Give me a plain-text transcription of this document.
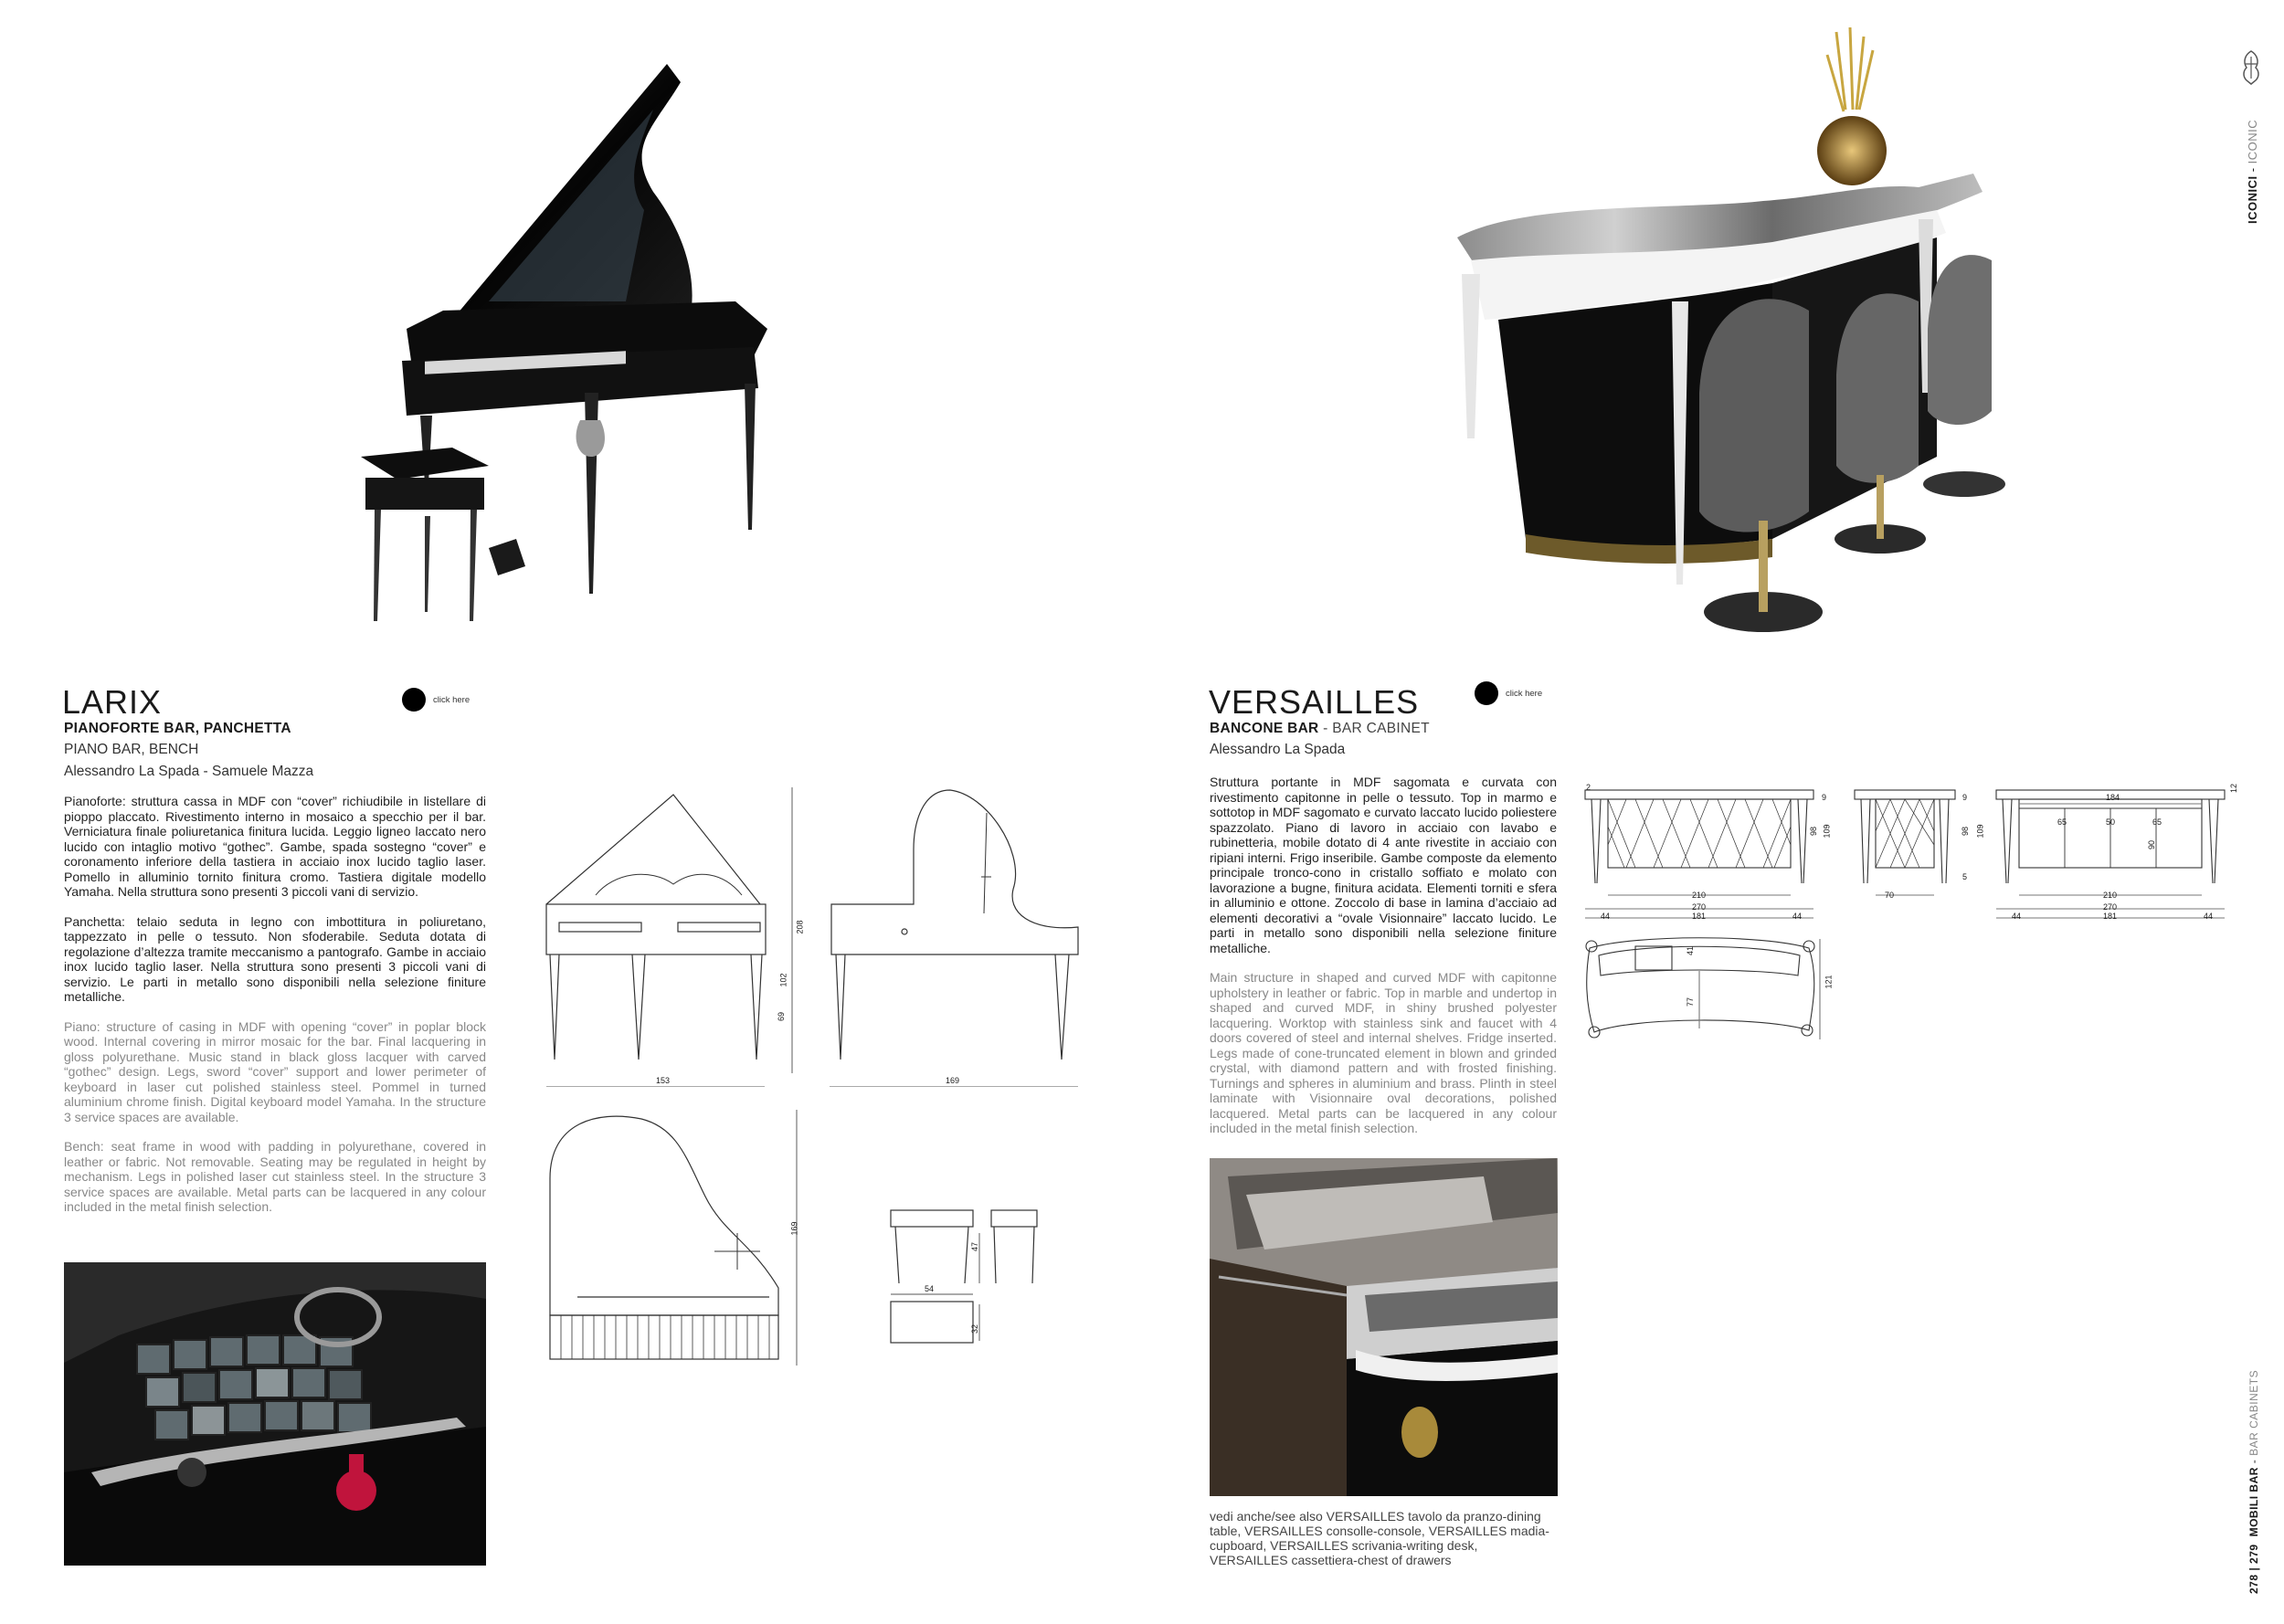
ICONICI - ICONIC
278 | 279MOBILI BAR - BAR CABINETS
LARIX	click here
PIANOFORTE BAR, PANCHETTA
PIANO BAR, BENCH
Alessandro La Spada - Samuele Mazza

Pianoforte: struttura cassa in MDF con “cover” richiudibile in listellare di pioppo placcato. Rivestimento interno in mosaico a specchio per il bar. Verniciatura finale poliuretanica finitura lucida. Leggio ligneo laccato nero lucido con intaglio motivo “gothec”. Gambe, spada sostegno “cover” e coronamento inferiore della tastiera in acciaio inox lucido taglio laser. Pomello in alluminio tornito finitura cromo. Tastiera digitale modello Yamaha. Nella struttura sono presenti 3 piccoli vani di servizio.

Panchetta: telaio seduta in legno con imbottitura in poliuretano, tappezzato in pelle o tessuto. Non sfoderabile. Seduta dotata di regolazione d’altezza tramite meccanismo a pantografo. Gambe in acciaio inox lucido taglio laser. Nella struttura sono presenti 3 piccoli vani di servizio. Le parti in metallo sono disponibili nella selezione finiture metalliche.

Piano: structure of casing in MDF with opening “cover” in poplar block wood. Internal covering in mirror mosaic for the bar. Final lacquering in gloss polyurethane. Music stand in black gloss lacquer with carved “gothec” design. Legs, sword “cover” support and lower perimeter of keyboard in laser cut polished stainless steel. Pommel in turned aluminium chrome finish. Digital keyboard model Yamaha. In the structure 3 service spaces are available.

Bench: seat frame in wood with padding in polyurethane, covered in leather or fabric. Not removable. Seating may be regulated in height by mechanism. Legs in polished laser cut stainless steel. In the structure 3 service spaces are available. Metal parts can be lacquered in any colour included in the metal finish selection.

153
208
102
69
169
169
54
47
32
VERSAILLES	click here
BANCONE BAR - BAR CABINET
Alessandro La Spada

Struttura portante in MDF sagomata e curvata con rivestimento capitonne in pelle o tessuto. Top in marmo e sottotop in MDF sagomato e curvato laccato lucido poliestere spazzolato. Piano di lavoro in acciaio con lavabo e rubinetteria, mobile dotato di 4 ante rivestite in acciaio con ripiani interni. Frigo inseribile. Gambe composte da elemento principale tronco-cono in cristallo soffiato e molato con lavorazione a bugne, finitura acidata. Elementi torniti e sfera in alluminio e ottone. Zoccolo di base in lamina d’acciaio ad elementi decorativi a “ovale Visionnaire” laccato lucido. Le parti in metallo sono disponibili nella selezione finiture metalliche.

Main structure in shaped and curved MDF with capitonne upholstery in leather or fabric. Top in marble and undertop in shaped and curved MDF, in shiny brushed polyester lacquering. Worktop with stainless sink and faucet with 4 doors covered of steel and internal shelves. Fridge inserted. Legs made of cone-truncated element in blown and grinded crystal, with diamond pattern and with frosted finishing. Turnings and spheres in aluminium and brass. Plinth in steel laminate with Visionnaire oval decorations, polished lacquered. Metal parts can be lacquered in any colour included in the metal finish selection.

vedi anche/see also VERSAILLES tavolo da pranzo-dining table, VERSAILLES consolle-console, VERSAILLES madia-cupboard, VERSAILLES scrivania-writing desk, VERSAILLES cassettiera-chest of drawers
210
270
44	181	44
2
9
109
98
70
98 109
9
5
184
65	50	65
90
12
210
270
44	181	44
41
77
121
